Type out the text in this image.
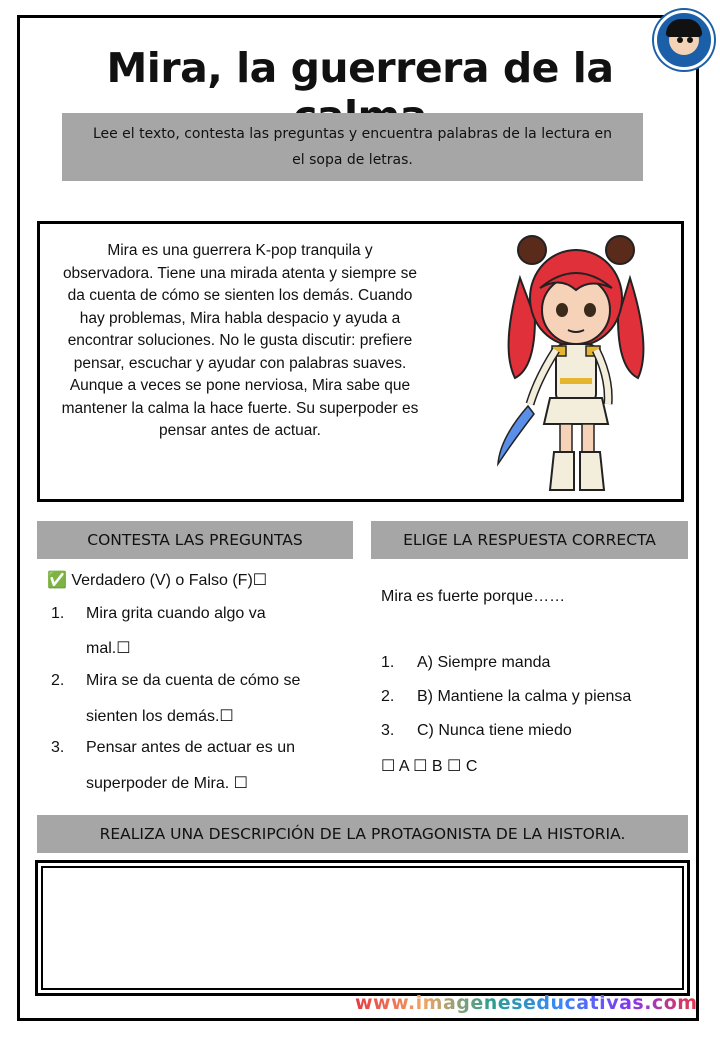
Mira, la guerrera de la
Lee el texto, contesta las preguntas y encuentra palabras de la lectura en el sopa de letras.
Mira es una guerrera K-pop tranquila y observadora. Tiene una mirada atenta y siempre se da cuenta de cómo se sienten los demás. Cuando hay problemas, Mira habla despacio y ayuda a encontrar soluciones. No le gusta discutir: prefiere pensar, escuchar y ayudar con palabras suaves. Aunque a veces se pone nerviosa, Mira sabe que mantener la calma la hace fuerte. Su superpoder es pensar antes de actuar.
CONTESTA LAS PREGUNTAS	ELIGE LA RESPUESTA CORRECTA
✅ Verdadero (V) o Falso (F)☐
1. Mira grita cuando algo va
mal.☐
2. Mira se da cuenta de cómo se
sienten los demás.☐
3. Pensar antes de actuar es un
superpoder de Mira. ☐
Mira es fuerte porque……
1. A) Siempre manda
2. B) Mantiene la calma y piensa
3. C) Nunca tiene miedo
☐ A ☐ B ☐ C
REALIZA UNA DESCRIPCIÓN DE LA PROTAGONISTA DE LA HISTORIA.
www.imageneseducativas.com
